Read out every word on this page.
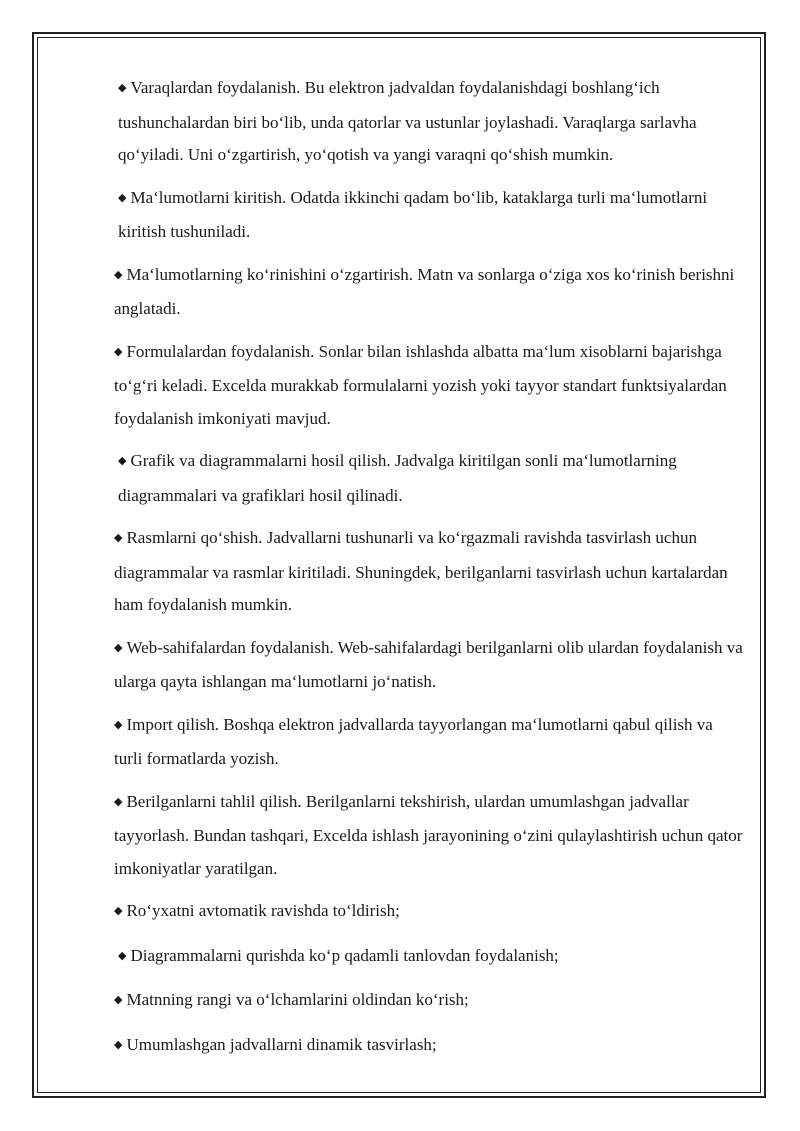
◆ Varaqlardan foydalanish. Bu elektron jadvaldan foydalanishdagi boshlang‘ich tushunchalardan biri bo‘lib, unda qatorlar va ustunlar joylashadi. Varaqlarga sarlavha qo‘yiladi. Uni o‘zgartirish, yo‘qotish va yangi varaqni qo‘shish mumkin.

◆ Ma‘lumotlarni kiritish. Odatda ikkinchi qadam bo‘lib, kataklarga turli ma‘lumotlarni kiritish tushuniladi.

◆ Ma‘lumotlarning ko‘rinishini o‘zgartirish. Matn va sonlarga o‘ziga xos ko‘rinish berishni anglatadi.

◆ Formulalardan foydalanish. Sonlar bilan ishlashda albatta ma‘lum xisoblarni bajarishga to‘g‘ri keladi. Excelda murakkab formulalarni yozish yoki tayyor standart funktsiyalardan foydalanish imkoniyati mavjud.

◆ Grafik va diagrammalarni hosil qilish. Jadvalga kiritilgan sonli ma‘lumotlarning diagrammalari va grafiklari hosil qilinadi.

◆ Rasmlarni qo‘shish. Jadvallarni tushunarli va ko‘rgazmali ravishda tasvirlash uchun diagrammalar va rasmlar kiritiladi. Shuningdek, berilganlarni tasvirlash uchun kartalardan ham foydalanish mumkin.

◆ Web-sahifalardan foydalanish. Web-sahifalardagi berilganlarni olib ulardan foydalanish va ularga qayta ishlangan ma‘lumotlarni jo‘natish.

◆ Import qilish. Boshqa elektron jadvallarda tayyorlangan ma‘lumotlarni qabul qilish va turli formatlarda yozish.

◆ Berilganlarni tahlil qilish. Berilganlarni tekshirish, ulardan umumlashgan jadvallar tayyorlash. Bundan tashqari, Excelda ishlash jarayonining o‘zini qulaylashtirish uchun qator imkoniyatlar yaratilgan.

◆ Ro‘yxatni avtomatik ravishda to‘ldirish;

◆ Diagrammalarni qurishda ko‘p qadamli tanlovdan foydalanish;

◆ Matnning rangi va o‘lchamlarini oldindan ko‘rish;

◆ Umumlashgan jadvallarni dinamik tasvirlash;
